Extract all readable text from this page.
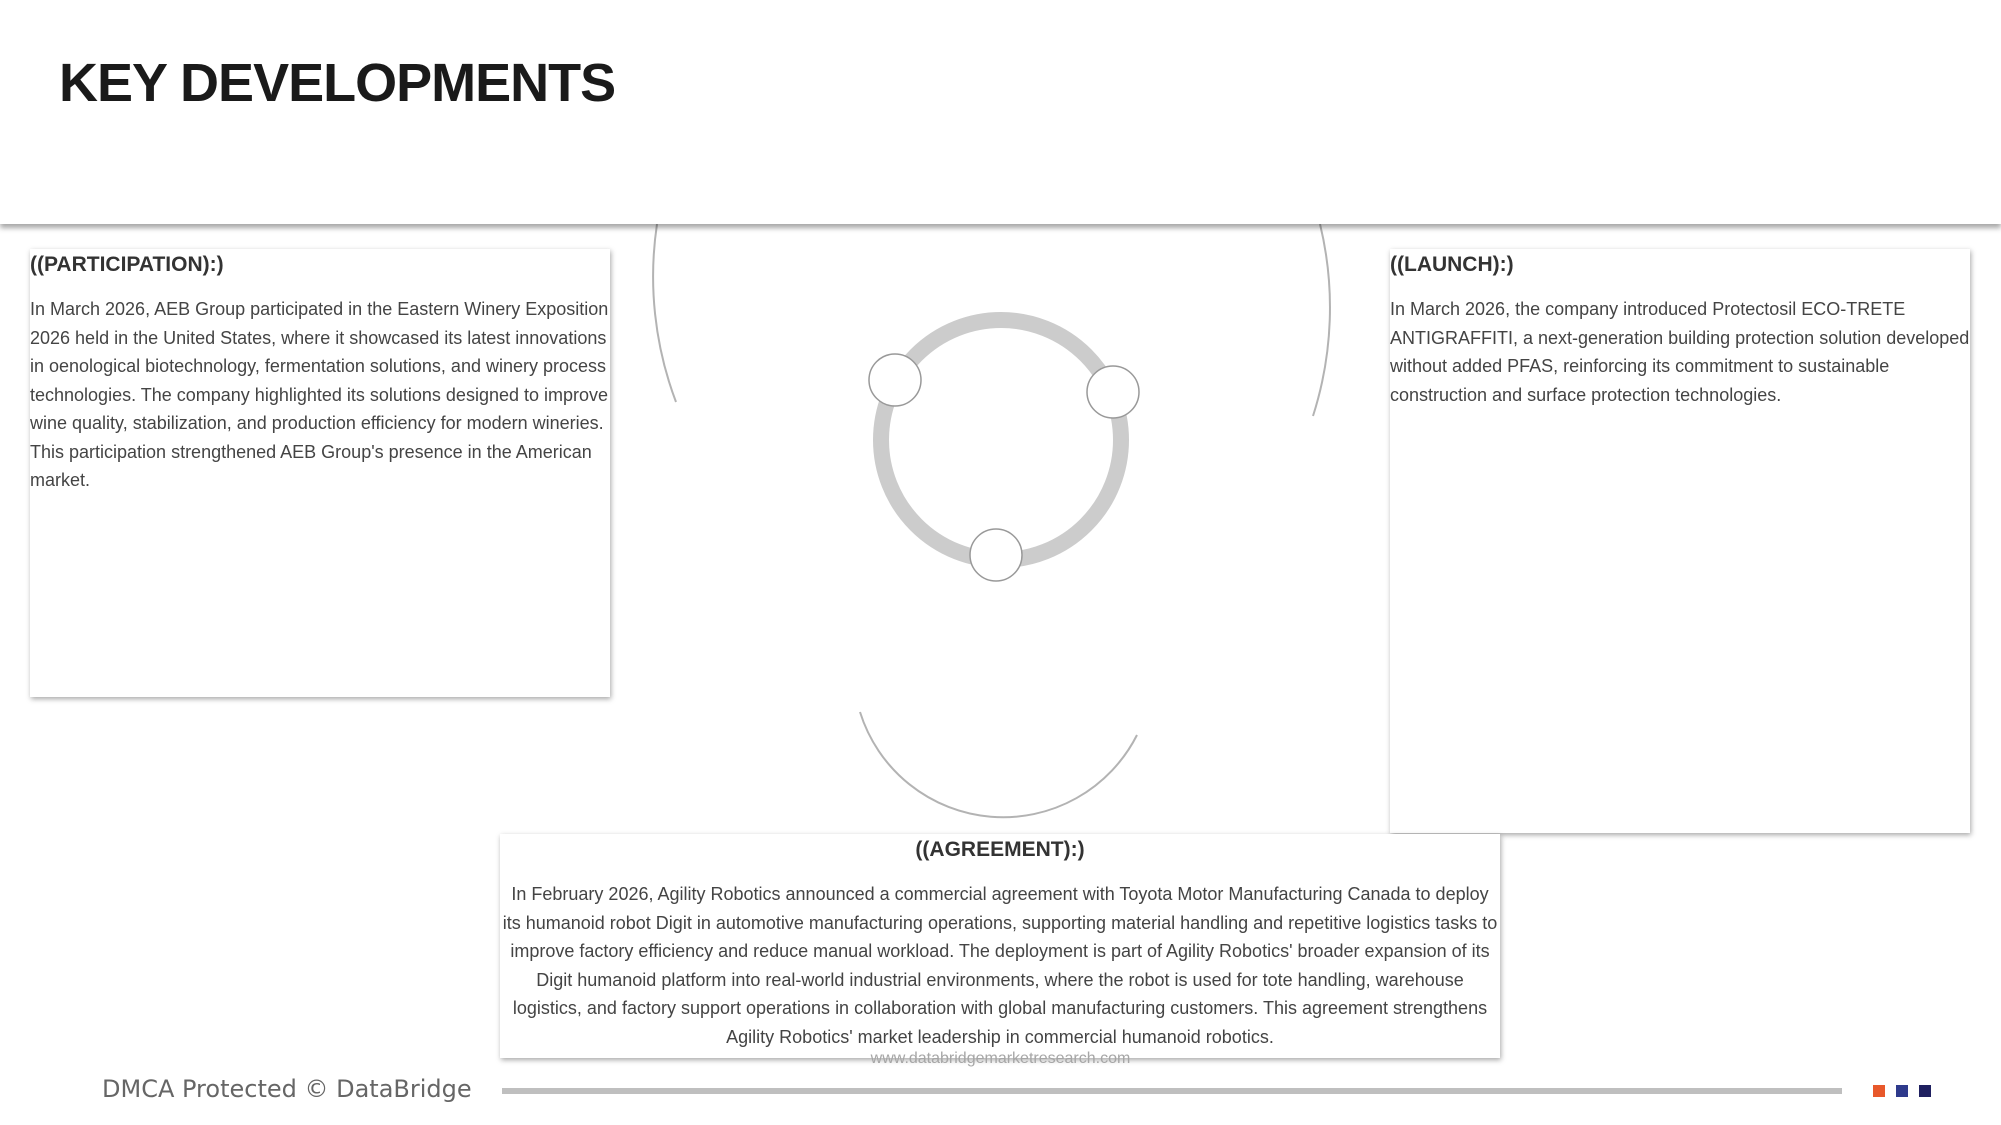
KEY DEVELOPMENTS
((PARTICIPATION):)

In March 2026, AEB Group participated in the Eastern Winery Exposition 2026 held in the United States, where it showcased its latest innovations in oenological biotechnology, fermentation solutions, and winery process technologies. The company highlighted its solutions designed to improve wine quality, stabilization, and production efficiency for modern wineries. This participation strengthened AEB Group's presence in the American market.

((LAUNCH):)

In March 2026, the company introduced Protectosil ECO-TRETE ANTIGRAFFITI, a next-generation building protection solution developed without added PFAS, reinforcing its commitment to sustainable construction and surface protection technologies.

((AGREEMENT):)

In February 2026, Agility Robotics announced a commercial agreement with Toyota Motor Manufacturing Canada to deploy its humanoid robot Digit in automotive manufacturing operations, supporting material handling and repetitive logistics tasks to improve factory efficiency and reduce manual workload. The deployment is part of Agility Robotics' broader expansion of its Digit humanoid platform into real-world industrial environments, where the robot is used for tote handling, warehouse logistics, and factory support operations in collaboration with global manufacturing customers. This agreement strengthens Agility Robotics' market leadership in commercial humanoid robotics.

www.databridgemarketresearch.com
DMCA Protected © DataBridge
